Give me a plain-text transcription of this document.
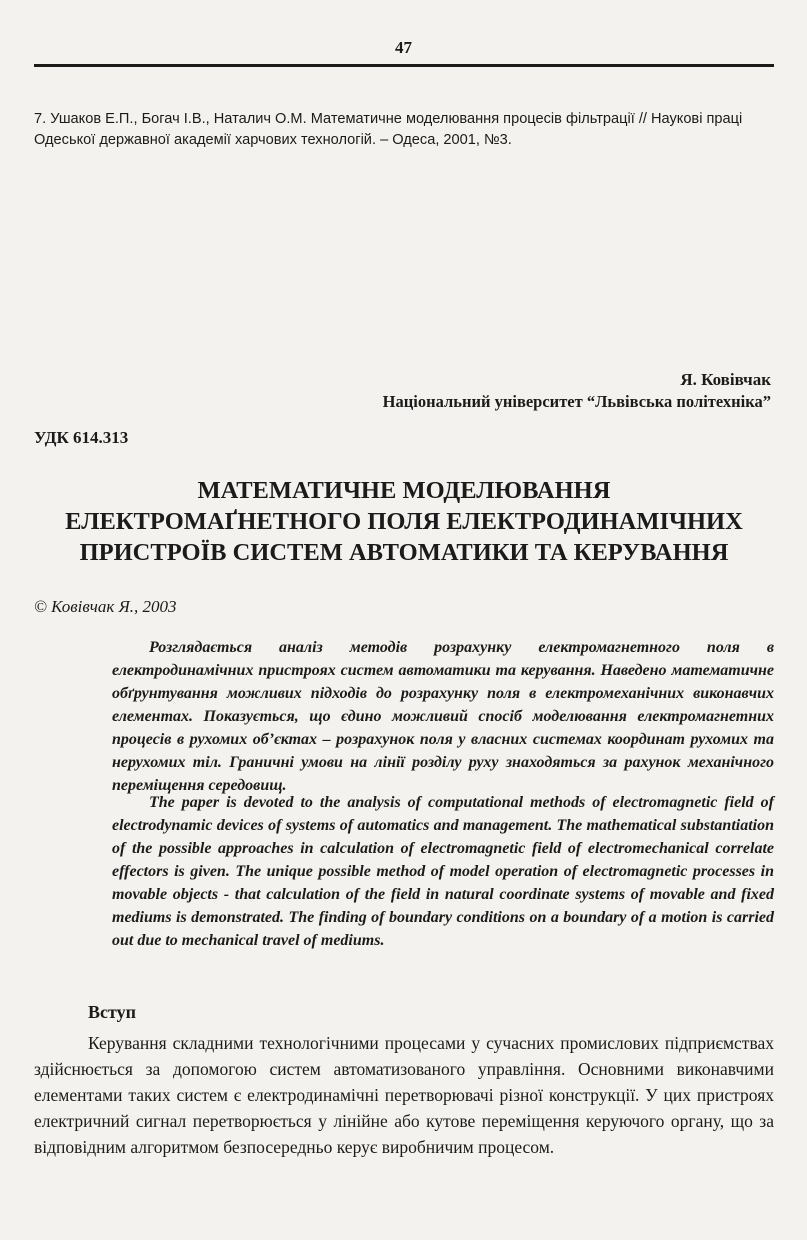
47
7. Ушаков Е.П., Богач І.В., Наталич О.М. Математичне моделювання процесів фільтрації // Наукові праці Одеської державної академії харчових технологій. – Одеса, 2001, №3.
Я. Ковівчак
Національний університет “Львівська політехніка”
УДК 614.313
МАТЕМАТИЧНЕ МОДЕЛЮВАННЯ
ЕЛЕКТРОМАҐНЕТНОГО ПОЛЯ ЕЛЕКТРОДИНАМІЧНИХ
ПРИСТРОЇВ СИСТЕМ АВТОМАТИКИ ТА КЕРУВАННЯ
© Ковівчак Я., 2003
Розглядається аналіз методів розрахунку електромагнетного поля в електродинамічних пристроях систем автоматики та керування. Наведено математичне обґрунтування можливих підходів до розрахунку поля в електромеханічних виконавчих елементах. Показується, що єдино можливий спосіб моделювання електромагнетних процесів в рухомих об’єктах – розрахунок поля у власних системах координат рухомих та нерухомих тіл. Граничні умови на лінії розділу руху знаходяться за рахунок механічного переміщення середовищ.
The paper is devoted to the analysis of computational methods of electromagnetic field of electrodynamic devices of systems of automatics and management. The mathematical substantiation of the possible approaches in calculation of electromagnetic field of electromechanical correlate effectors is given. The unique possible method of model operation of electromagnetic processes in movable objects - that calculation of the field in natural coordinate systems of movable and fixed mediums is demonstrated. The finding of boundary conditions on a boundary of a motion is carried out due to mechanical travel of mediums.
Вступ
Керування складними технологічними процесами у сучасних промислових підприємствах здійснюється за допомогою систем автоматизованого управління. Основними виконавчими елементами таких систем є електродинамічні перетворювачі різної конструкції. У цих пристроях електричний сигнал перетворюється у лінійне або кутове переміщення керуючого органу, що за відповідним алгоритмом безпосередньо керує виробничим процесом.
